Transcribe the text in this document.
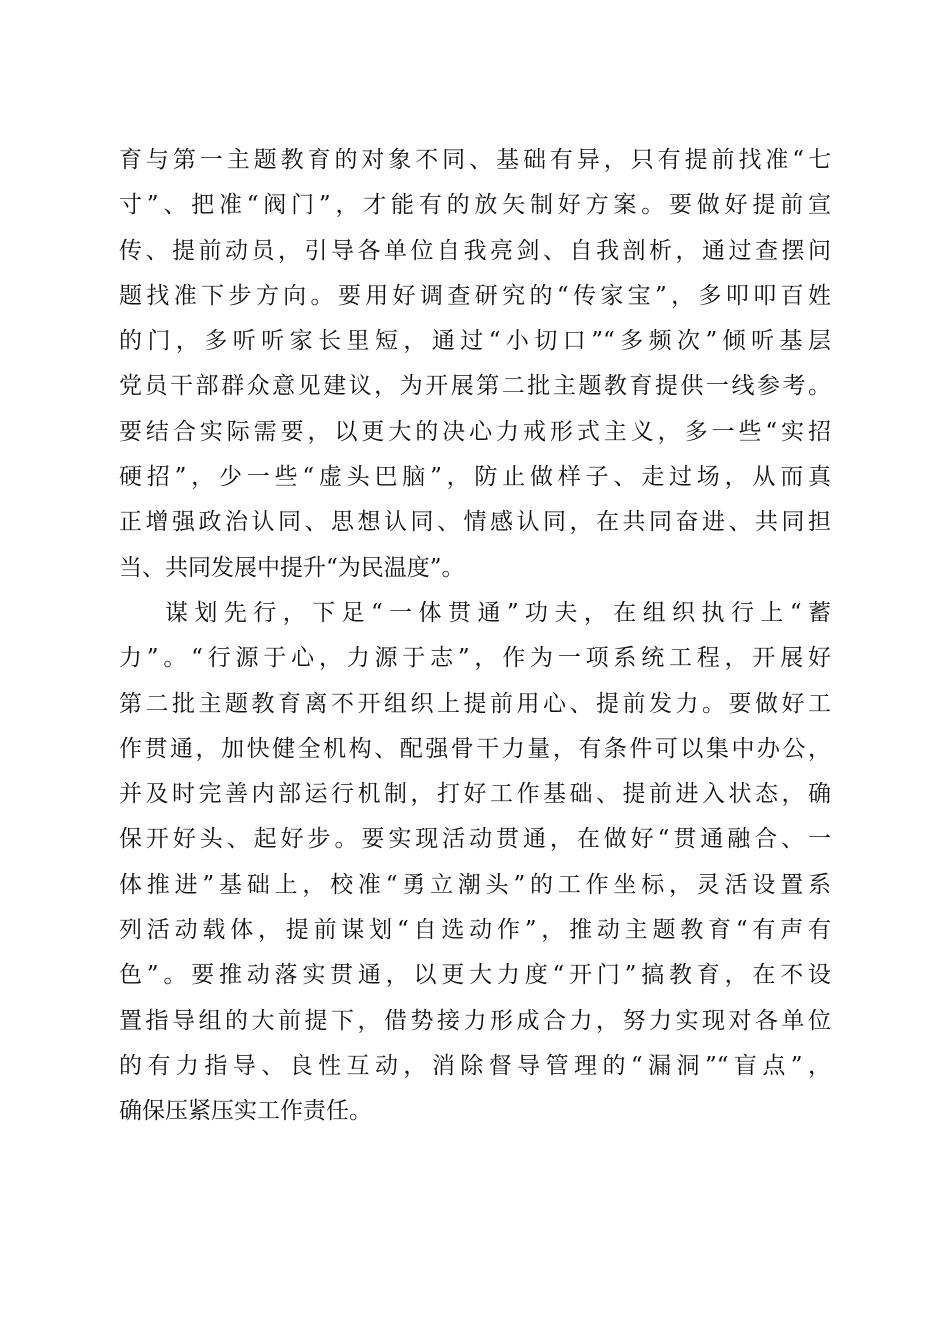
育与第一主题教育的对象不同、基础有异，只有提前找准“七
寸”、把准“阀门”，才能有的放矢制好方案。要做好提前宣
传、提前动员，引导各单位自我亮剑、自我剖析，通过查摆问
题找准下步方向。要用好调查研究的“传家宝”，多叩叩百姓
的门，多听听家长里短，通过“小切口”“多频次”倾听基层
党员干部群众意见建议，为开展第二批主题教育提供一线参考。
要结合实际需要，以更大的决心力戒形式主义，多一些“实招
硬招”，少一些“虚头巴脑”，防止做样子、走过场，从而真
正增强政治认同、思想认同、情感认同，在共同奋进、共同担
当、共同发展中提升“为民温度”。

谋划先行，下足“一体贯通”功夫，在组织执行上“蓄
力”。“行源于心，力源于志”，作为一项系统工程，开展好
第二批主题教育离不开组织上提前用心、提前发力。要做好工
作贯通，加快健全机构、配强骨干力量，有条件可以集中办公，
并及时完善内部运行机制，打好工作基础、提前进入状态，确
保开好头、起好步。要实现活动贯通，在做好“贯通融合、一
体推进”基础上，校准“勇立潮头”的工作坐标，灵活设置系
列活动载体，提前谋划“自选动作”，推动主题教育“有声有
色”。要推动落实贯通，以更大力度“开门”搞教育，在不设
置指导组的大前提下，借势接力形成合力，努力实现对各单位
的有力指导、良性互动，消除督导管理的“漏洞”“盲点”，
确保压紧压实工作责任。
